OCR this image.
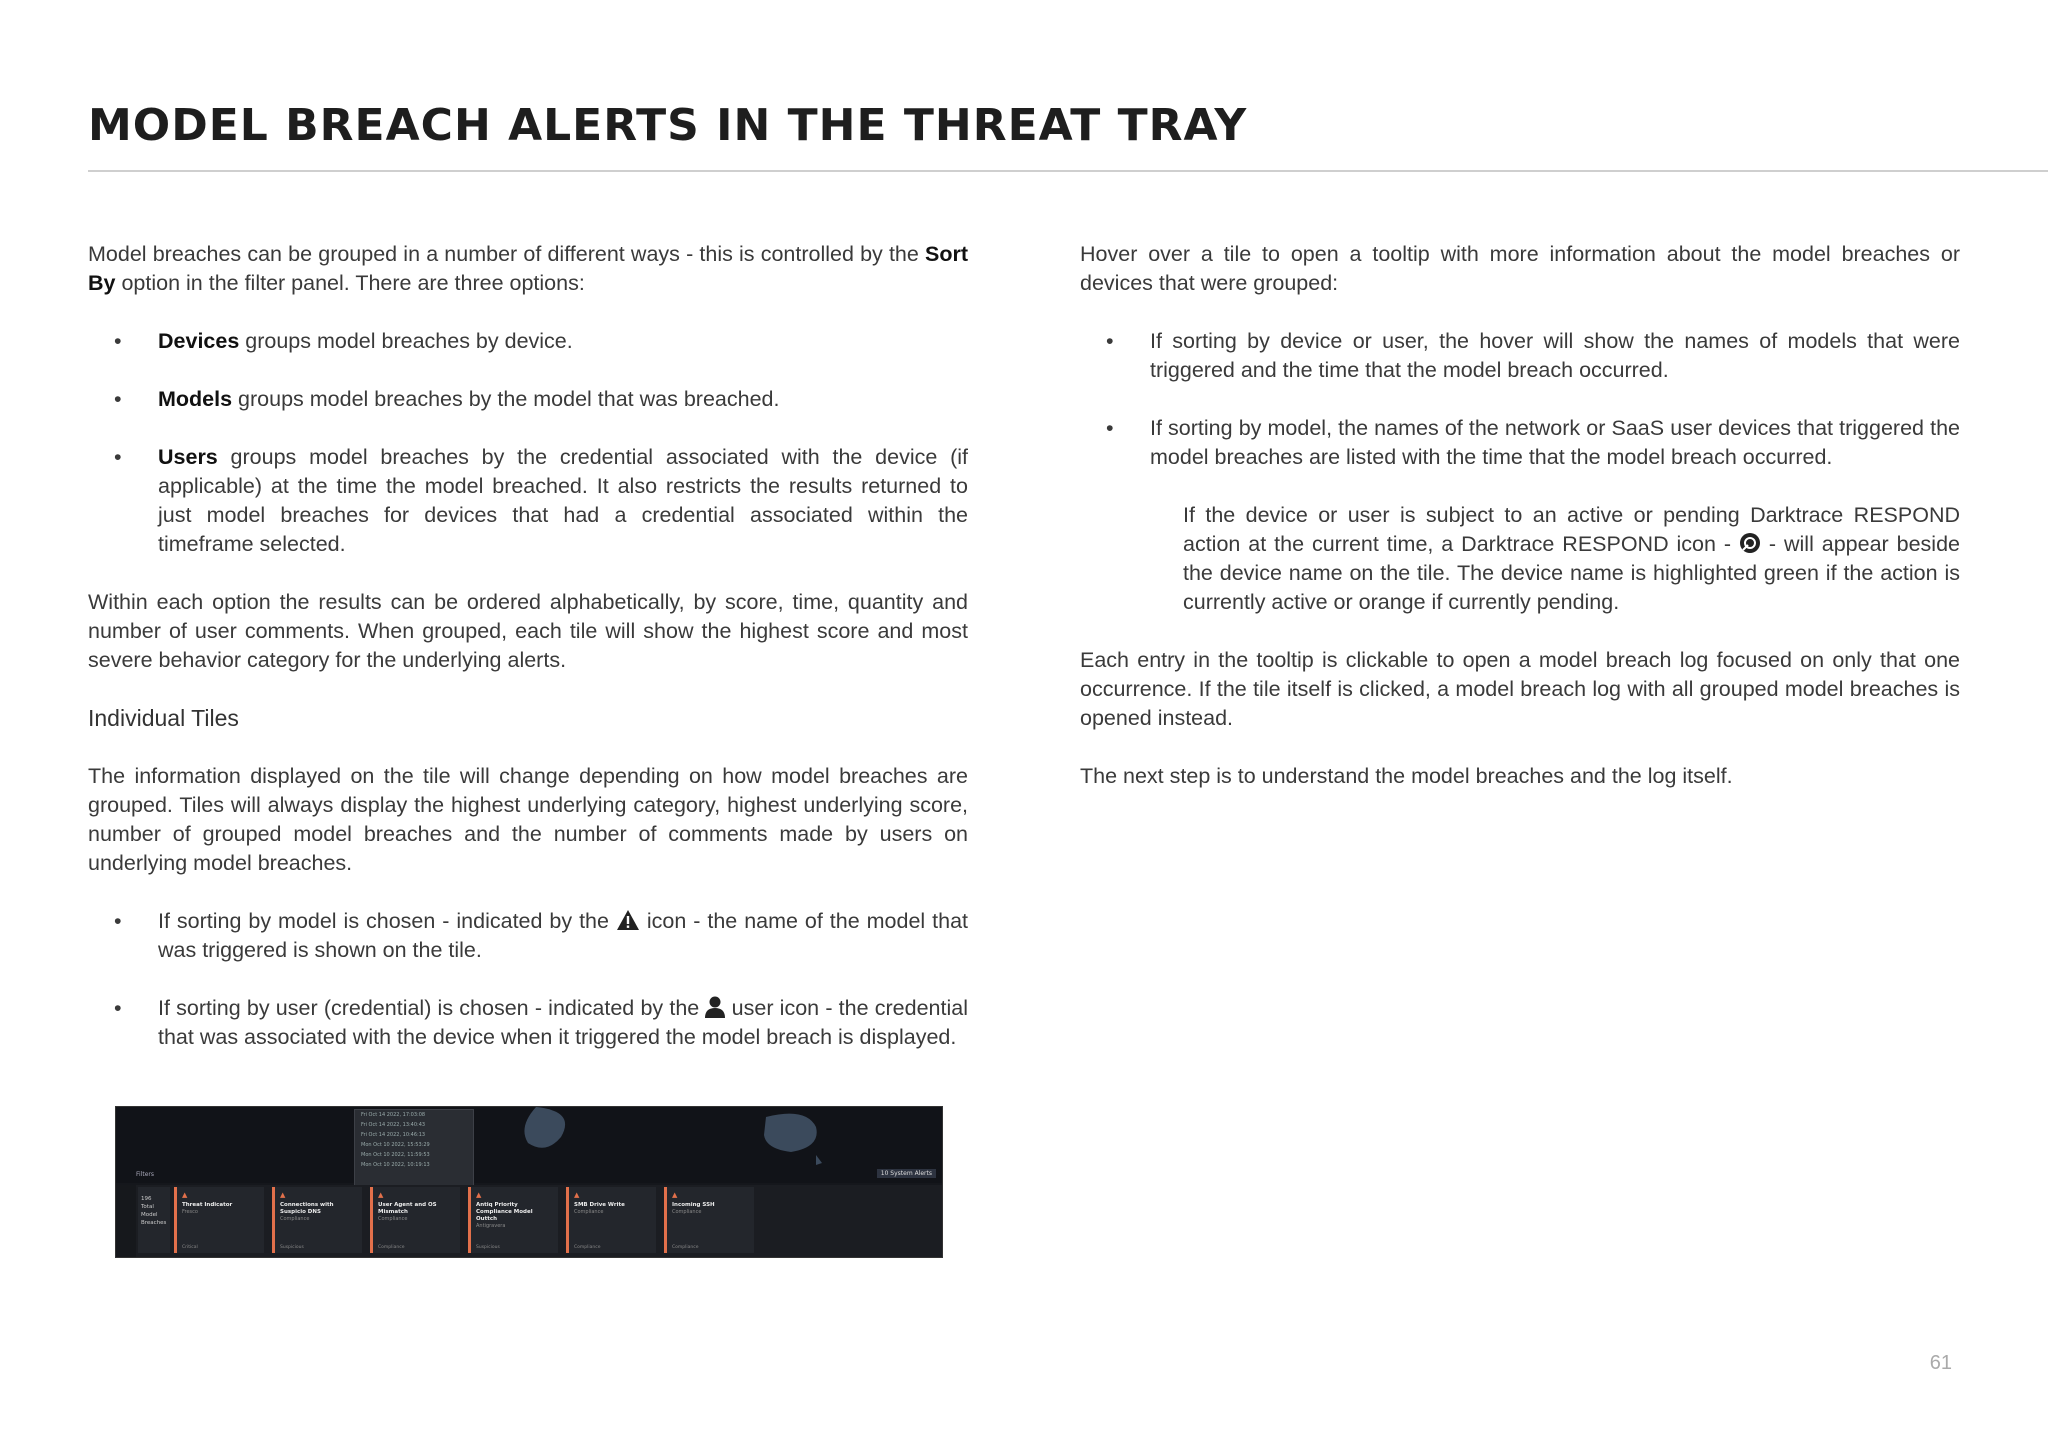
MODEL BREACH ALERTS IN THE THREAT TRAY

Model breaches can be grouped in a number of different ways - this is controlled by the Sort By option in the filter panel. There are three options:

• Devices groups model breaches by device.
• Models groups model breaches by the model that was breached.
• Users groups model breaches by the credential associated with the device (if applicable) at the time the model breached. It also restricts the results returned to just model breaches for devices that had a credential associated within the timeframe selected.

Within each option the results can be ordered alphabetically, by score, time, quantity and number of user comments. When grouped, each tile will show the highest score and most severe behavior category for the underlying alerts.

Individual Tiles

The information displayed on the tile will change depending on how model breaches are grouped. Tiles will always display the highest underlying category, highest underlying score, number of grouped model breaches and the number of comments made by users on underlying model breaches.

• If sorting by model is chosen - indicated by the  icon - the name of the model that was triggered is shown on the tile.
• If sorting by user (credential) is chosen - indicated by the  user icon - the credential that was associated with the device when it triggered the model breach is displayed.

Hover over a tile to open a tooltip with more information about the model breaches or devices that were grouped:

• If sorting by device or user, the hover will show the names of models that were triggered and the time that the model breach occurred.
• If sorting by model, the names of the network or SaaS user devices that triggered the model breaches are listed with the time that the model breach occurred.

If the device or user is subject to an active or pending Darktrace RESPOND action at the current time, a Darktrace RESPOND icon -  - will appear beside the device name on the tile. The device name is highlighted green if the action is currently active or orange if currently pending.

Each entry in the tooltip is clickable to open a model breach log focused on only that one occurrence. If the tile itself is clicked, a model breach log with all grouped model breaches is opened instead.

The next step is to understand the model breaches and the log itself.

Fri Oct 14 2022, 17:03:08
Fri Oct 14 2022, 13:40:43
Fri Oct 14 2022, 10:46:13
Mon Oct 10 2022, 15:53:29
Mon Oct 10 2022, 11:59:53
Mon Oct 10 2022, 10:19:13
Filters	10 System Alerts
196
Total Model Breaches
▲
Threat Indicator
Fresco
Critical
▲
Connections with Suspicio DNS
Compliance
Suspicious
▲
User Agent and OS Mismatch
Compliance
Compliance
▲
Antiq Priority Compliance Model Outtch
Antigravera
Suspicious
▲
SMB Drive Write
Compliance
Compliance
▲
Incoming SSH
Compliance
Compliance
61
